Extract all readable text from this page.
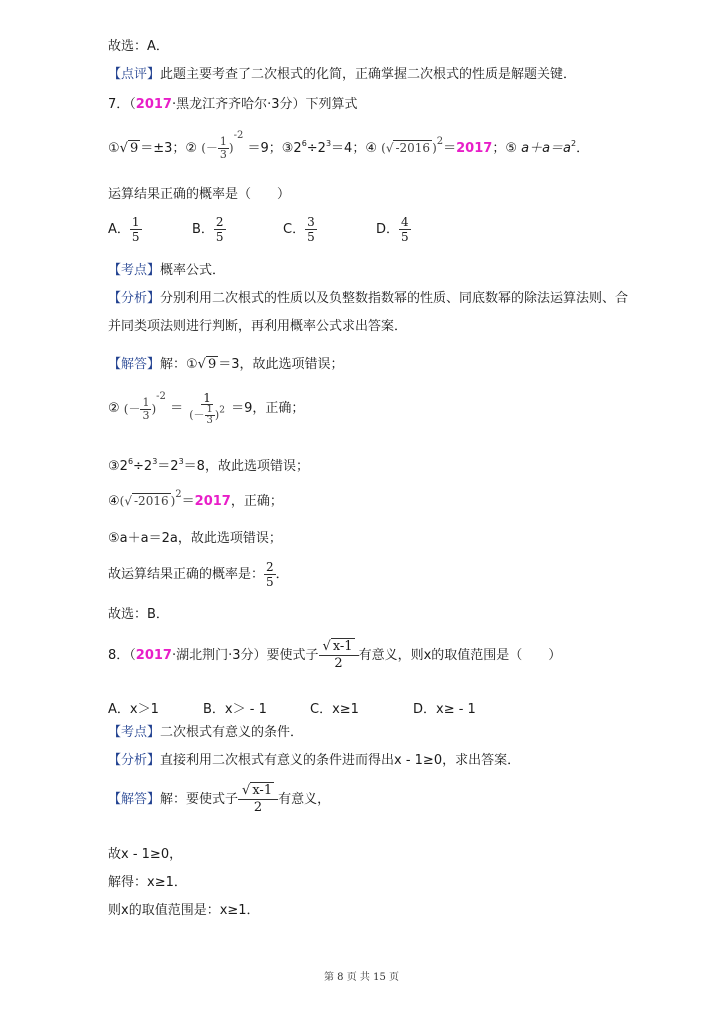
故选：A．
【点评】此题主要考查了二次根式的化简，正确掌握二次根式的性质是解题关键．
7．（2017·黑龙江齐齐哈尔·3分）下列算式
①√ 9 ＝±3；② (－ $\frac{1}{3} )^{-2} =9$；$③2^6\div 2^3=4$；④ (√ -2016 )$^2$＝2017；⑤ $a+a=a^2$．
运算结果正确的概率是（　　）
A． $\frac{1}{5}$	B． $\frac{2}{5}$	C． $\frac{3}{5}$	D． $\frac{4}{5}$
【考点】概率公式．
【分析】分别利用二次根式的性质以及负整数指数幂的性质、同底数幂的除法运算法则、合
并同类项法则进行判断，再利用概率公式求出答案．
【解答】解：①√ 9 ＝3，故此选项错误；
② (－ $\frac{1}{3} )^{-2} = \frac{1}{(- \frac{1}{3} )^2} =9$，正确；
$③2^6\div 2^3=2^3=8$，故此选项错误；
④(√ -2016 )$^2$＝2017，正确；
⑤a＋a＝2a，故此选项错误；
故运算结果正确的概率是： $\frac{2}{5}$ ．
故选：B．
8．（2017·湖北荆门·3分）要使式子 $\frac{√ x-1}{2}$ 有意义，则x的取值范围是（　　）
A．x＞1	B．x＞ - 1	C．x≥1	D．x≥ - 1
【考点】二次根式有意义的条件．
【分析】直接利用二次根式有意义的条件进而得出x - 1≥0，求出答案．
【解答】解：要使式子 $\frac{√ x-1}{2}$ 有意义，
故x - 1≥0，
解得：x≥1．
则x的取值范围是：x≥1．
第 8 页 共 15 页
